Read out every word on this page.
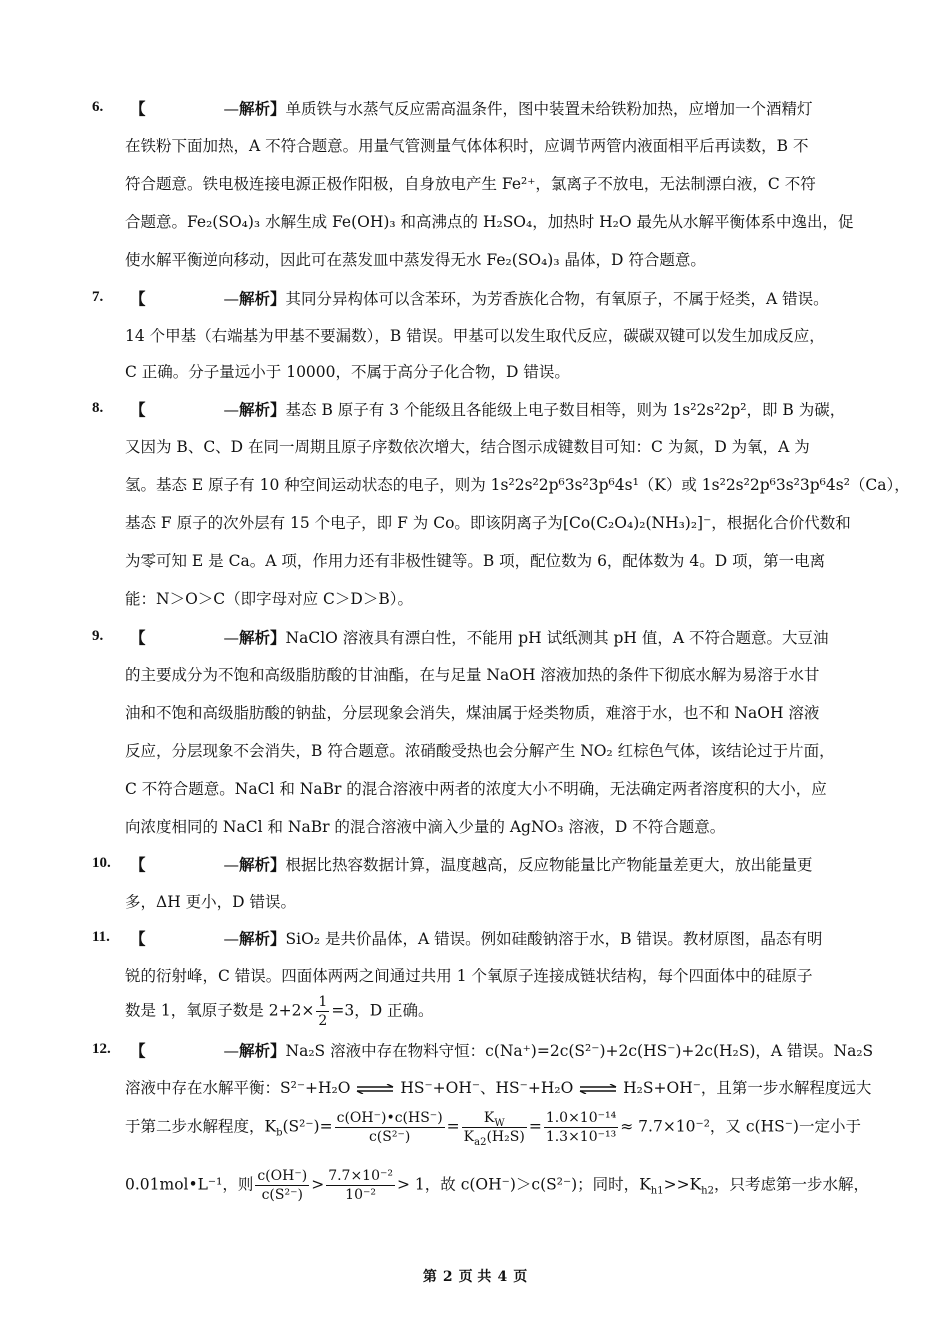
6. 【	—解析】单质铁与水蒸气反应需高温条件，图中装置未给铁粉加热，应增加一个酒精灯
在铁粉下面加热，A 不符合题意。用量气管测量气体体积时，应调节两管内液面相平后再读数，B 不
符合题意。铁电极连接电源正极作阳极，自身放电产生 Fe²⁺，氯离子不放电，无法制漂白液，C 不符
合题意。Fe₂(SO₄)₃ 水解生成 Fe(OH)₃ 和高沸点的 H₂SO₄，加热时 H₂O 最先从水解平衡体系中逸出，促
使水解平衡逆向移动，因此可在蒸发皿中蒸发得无水 Fe₂(SO₄)₃ 晶体，D 符合题意。
7. 【	—解析】其同分异构体可以含苯环，为芳香族化合物，有氧原子，不属于烃类，A 错误。
14 个甲基（右端基为甲基不要漏数），B 错误。甲基可以发生取代反应，碳碳双键可以发生加成反应，
C 正确。分子量远小于 10000，不属于高分子化合物，D 错误。
8. 【	—解析】基态 B 原子有 3 个能级且各能级上电子数目相等，则为 1s²2s²2p²，即 B 为碳，
又因为 B、C、D 在同一周期且原子序数依次增大，结合图示成键数目可知：C 为氮，D 为氧，A 为
氢。基态 E 原子有 10 种空间运动状态的电子，则为 1s²2s²2p⁶3s²3p⁶4s¹（K）或 1s²2s²2p⁶3s²3p⁶4s²（Ca），
基态 F 原子的次外层有 15 个电子，即 F 为 Co。即该阴离子为[Co(C₂O₄)₂(NH₃)₂]⁻，根据化合价代数和
为零可知 E 是 Ca。A 项，作用力还有非极性键等。B 项，配位数为 6，配体数为 4。D 项，第一电离
能：N＞O＞C（即字母对应 C＞D＞B）。
9. 【	—解析】NaClO 溶液具有漂白性，不能用 pH 试纸测其 pH 值，A 不符合题意。大豆油
的主要成分为不饱和高级脂肪酸的甘油酯，在与足量 NaOH 溶液加热的条件下彻底水解为易溶于水甘
油和不饱和高级脂肪酸的钠盐，分层现象会消失，煤油属于烃类物质，难溶于水，也不和 NaOH 溶液
反应，分层现象不会消失，B 符合题意。浓硝酸受热也会分解产生 NO₂ 红棕色气体，该结论过于片面，
C 不符合题意。NaCl 和 NaBr 的混合溶液中两者的浓度大小不明确，无法确定两者溶度积的大小，应
向浓度相同的 NaCl 和 NaBr 的混合溶液中滴入少量的 AgNO₃ 溶液，D 不符合题意。
10. 【	—解析】根据比热容数据计算，温度越高，反应物能量比产物能量差更大，放出能量更
多，ΔH 更小，D 错误。
11. 【	—解析】SiO₂ 是共价晶体，A 错误。例如硅酸钠溶于水，B 错误。教材原图，晶态有明
锐的衍射峰，C 错误。四面体两两之间通过共用 1 个氧原子连接成链状结构，每个四面体中的硅原子
数是 1，氧原子数是 $2+2\times \frac{1}{2} =3$，D 正确。
12. 【	—解析】Na₂S 溶液中存在物料守恒：c(Na⁺)=2c(S²⁻)+2c(HS⁻)+2c(H₂S)，A 错误。Na₂S
溶液中存在水解平衡：S²⁻+H₂O ⇌ HS⁻+OH⁻、HS⁻+H₂O ⇌ H₂S+OH⁻，且第一步水解程度远大
于第二步水解程度，$K_b(S^{2-})= \frac{c(OH^-)•c(HS^-)}{\text{c(S²⁻)}} = \frac{K_W}{K_{a2}(H_2S)} = \frac{\text{1.0×10⁻¹⁴}}{\text{1.3×10⁻¹³}} \approx 7.7\times 10^{-2}$，又 c(HS⁻)一定小于
0.01mol•L⁻¹，则 $\frac{c(OH^-)}{\text{c(S²⁻)}} > \frac{\text{7.7×10⁻²}}{\text{10⁻²}} > 1$，故 c(OH⁻)＞c(S²⁻)；同时，$K_{h1}>>K_{h2}$，只考虑第一步水解，
第 2 页 共 4 页
